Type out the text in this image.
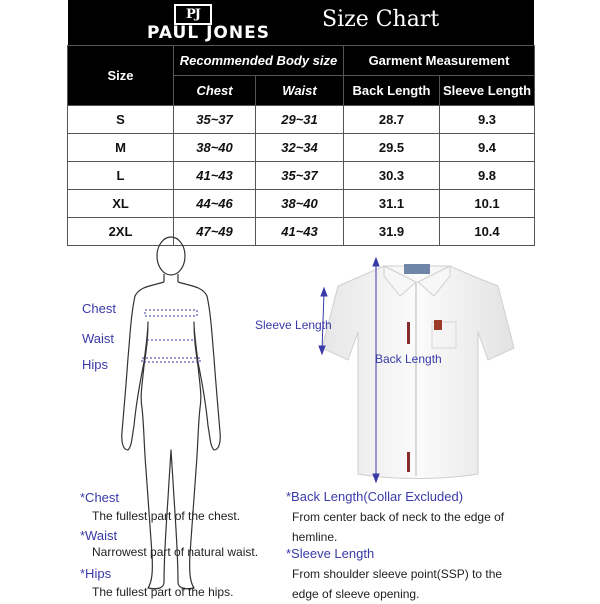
PJ
PAUL JONES
Size Chart
Size	Recommended Body size		Garment Measurement	
	Chest	Waist	Back Length	Sleeve Length
S	35~37	29~31	28.7	9.3
M	38~40	32~34	29.5	9.4
L	41~43	35~37	30.3	9.8
XL	44~46	38~40	31.1	10.1
2XL	47~49	41~43	31.9	10.4
Chest
Waist
Hips
Sleeve Length
Back Length
*Chest
The fullest part of the chest.
*Waist
Narrowest part of natural waist.
*Hips
The fullest part of the hips.
*Back Length(Collar Excluded)
From center back of neck to the edge of hemline.
*Sleeve Length
From shoulder sleeve point(SSP) to the edge of sleeve opening.
